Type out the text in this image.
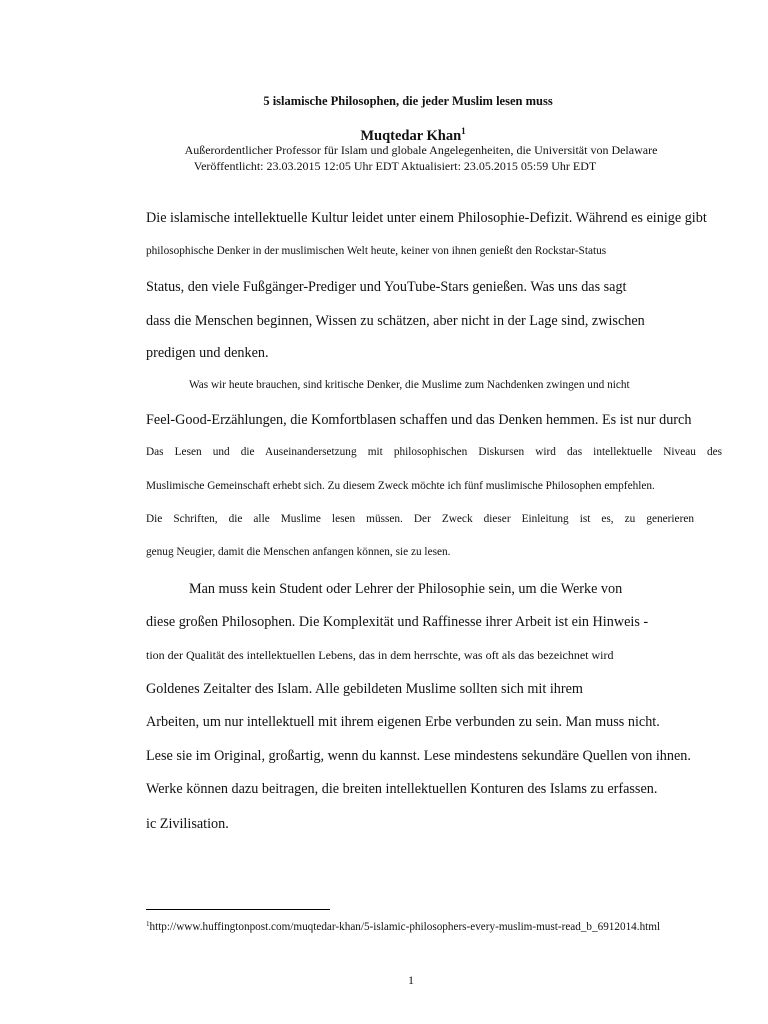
5 islamische Philosophen, die jeder Muslim lesen muss
Muqtedar Khan$^1$
Außerordentlicher Professor für Islam und globale Angelegenheiten, die Universität von Delaware
Veröffentlicht: 23.03.2015 12:05 Uhr EDT Aktualisiert: 23.05.2015 05:59 Uhr EDT
Die islamische intellektuelle Kultur leidet unter einem Philosophie-Defizit. Während es einige gibt
philosophische Denker in der muslimischen Welt heute, keiner von ihnen genießt den Rockstar-Status
Status, den viele Fußgänger-Prediger und YouTube-Stars genießen. Was uns das sagt
dass die Menschen beginnen, Wissen zu schätzen, aber nicht in der Lage sind, zwischen
predigen und denken.
Was wir heute brauchen, sind kritische Denker, die Muslime zum Nachdenken zwingen und nicht
Feel-Good-Erzählungen, die Komfortblasen schaffen und das Denken hemmen. Es ist nur durch
Das Lesen und die Auseinandersetzung mit philosophischen Diskursen wird das intellektuelle Niveau des
Muslimische Gemeinschaft erhebt sich. Zu diesem Zweck möchte ich fünf muslimische Philosophen empfehlen.
Die Schriften, die alle Muslime lesen müssen. Der Zweck dieser Einleitung ist es, zu generieren
genug Neugier, damit die Menschen anfangen können, sie zu lesen.
Man muss kein Student oder Lehrer der Philosophie sein, um die Werke von
diese großen Philosophen. Die Komplexität und Raffinesse ihrer Arbeit ist ein Hinweis -
tion der Qualität des intellektuellen Lebens, das in dem herrschte, was oft als das bezeichnet wird
Goldenes Zeitalter des Islam. Alle gebildeten Muslime sollten sich mit ihrem
Arbeiten, um nur intellektuell mit ihrem eigenen Erbe verbunden zu sein. Man muss nicht.
Lese sie im Original, großartig, wenn du kannst. Lese mindestens sekundäre Quellen von ihnen.
Werke können dazu beitragen, die breiten intellektuellen Konturen des Islams zu erfassen.
ic Zivilisation.
$^1$http://www.huffingtonpost.com/muqtedar-khan/5-islamic-philosophers-every-muslim-must-read_b_6912014.html
1
